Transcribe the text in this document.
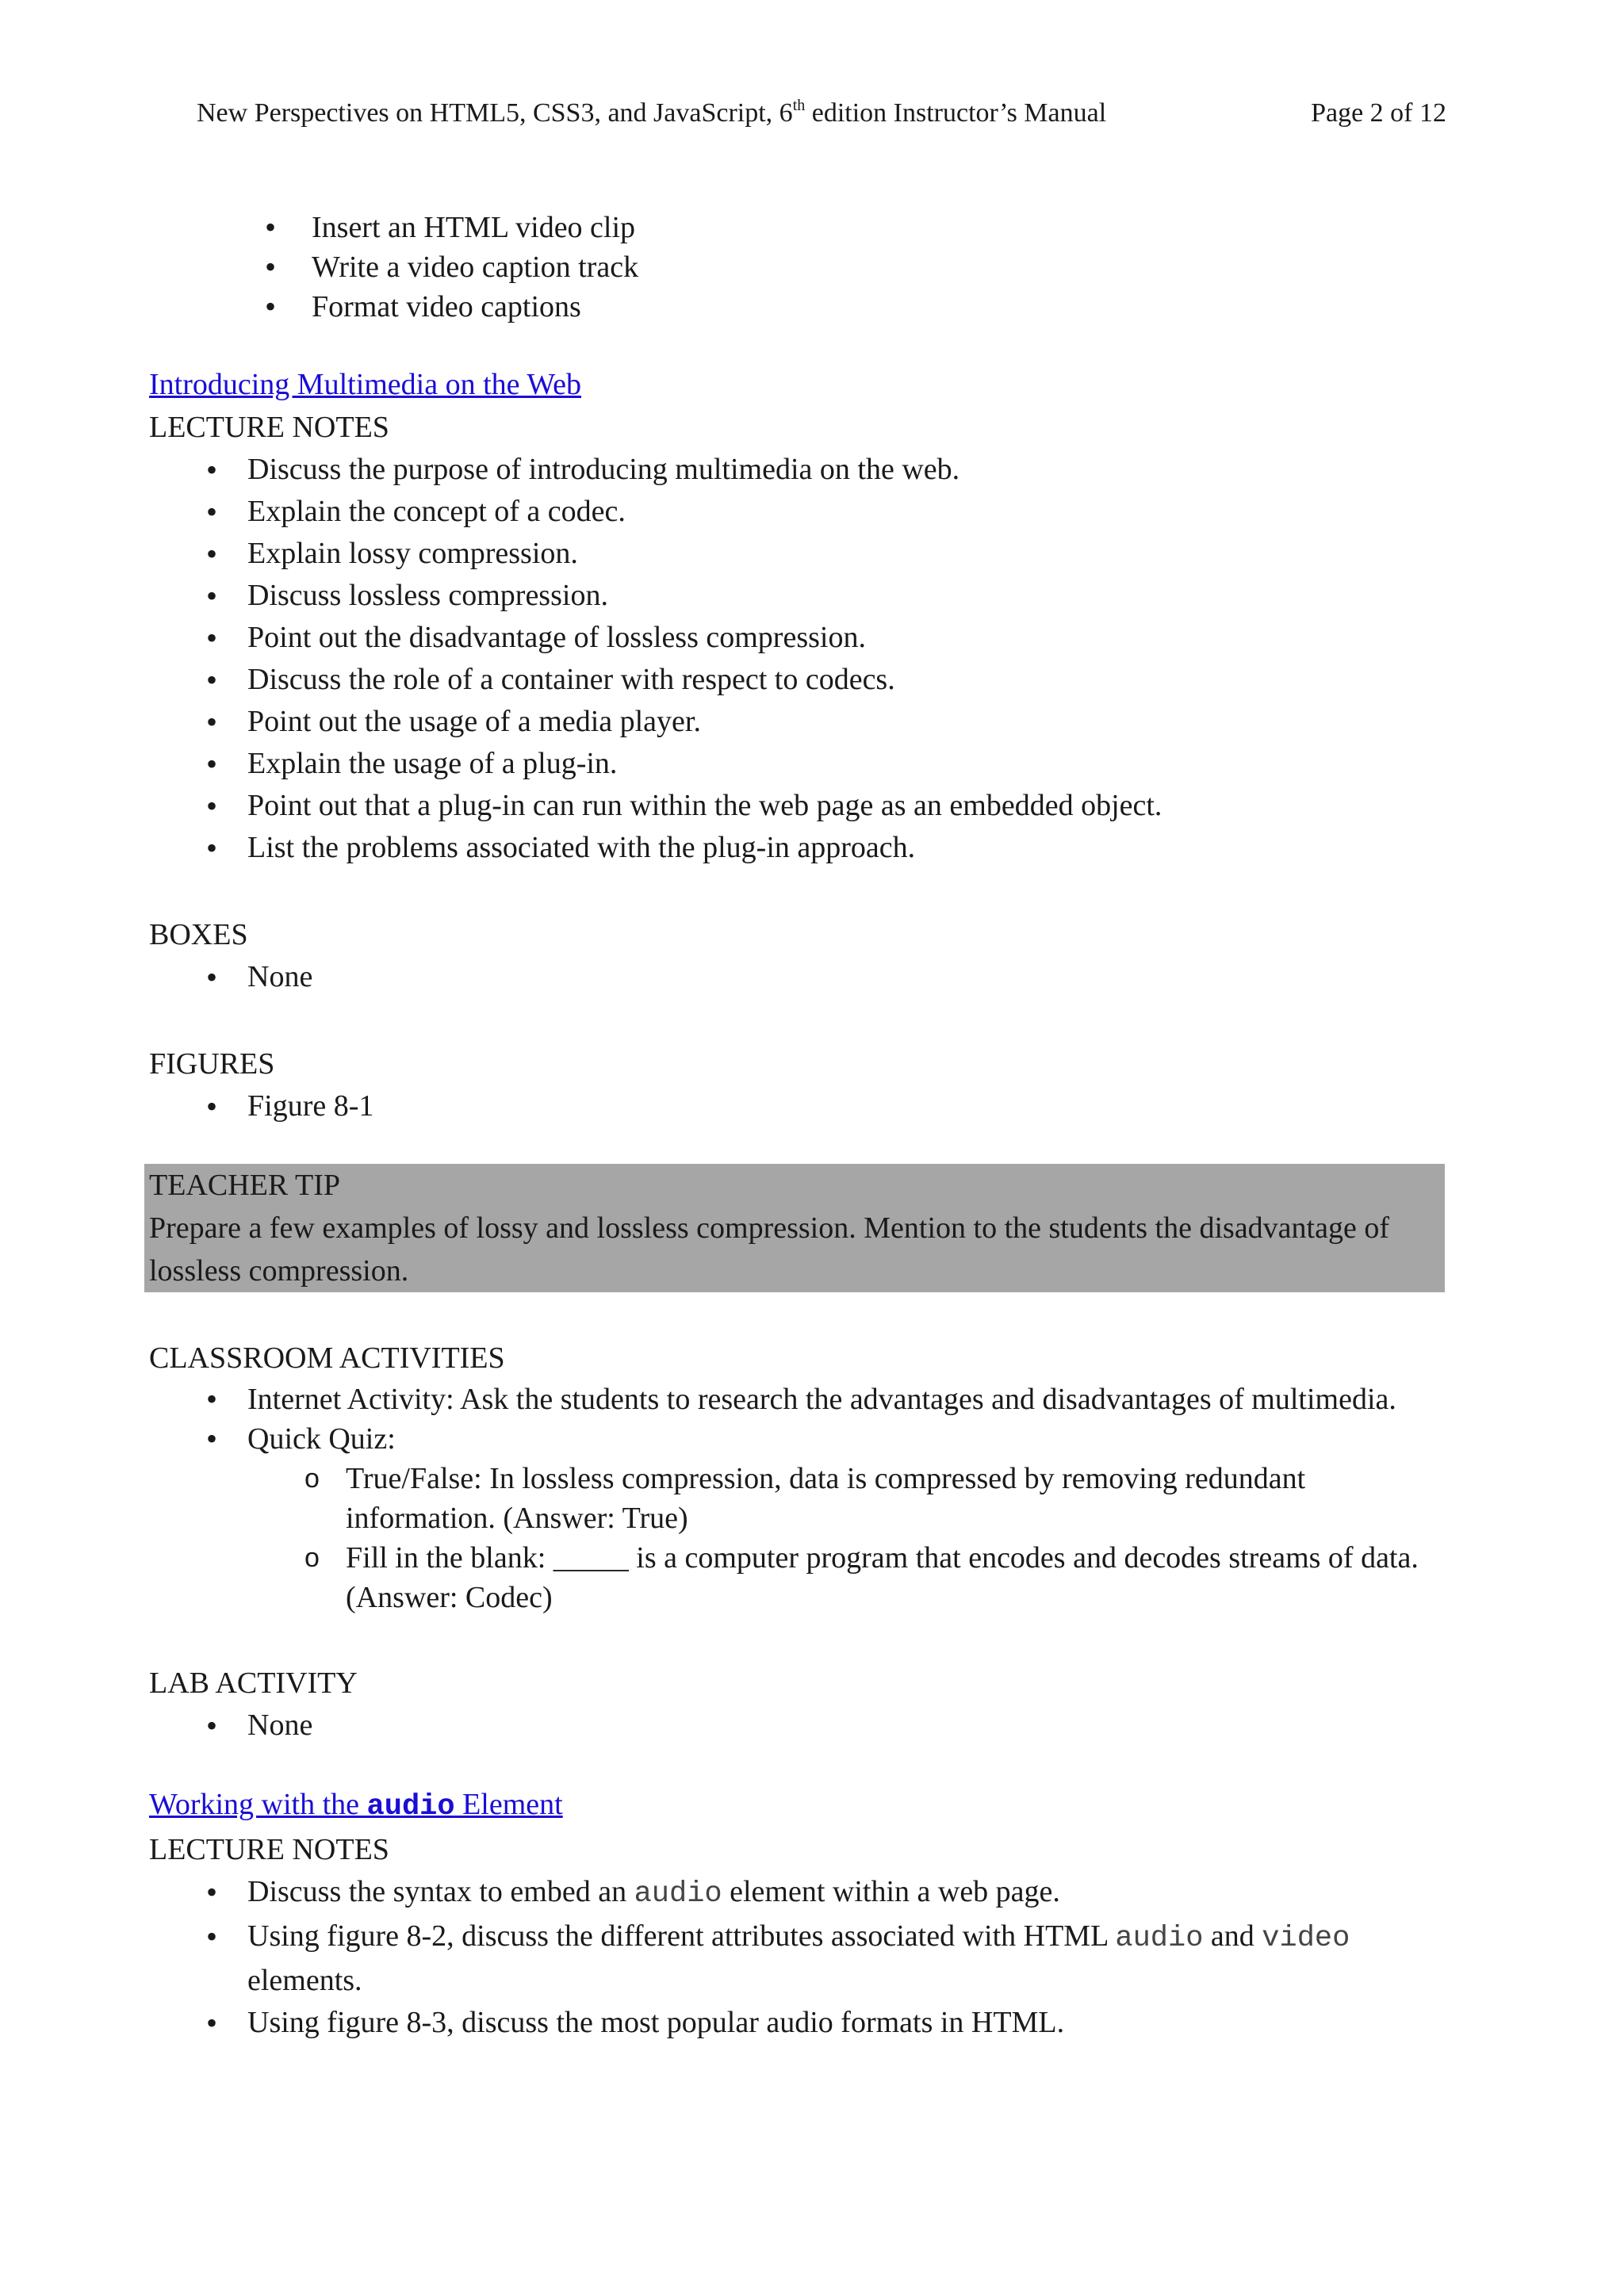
New Perspectives on HTML5, CSS3, and JavaScript, 6th edition Instructor’s Manual	Page 2 of 12
• Insert an HTML video clip
• Write a video caption track
• Format video captions
Introducing Multimedia on the Web
LECTURE NOTES
• Discuss the purpose of introducing multimedia on the web.
• Explain the concept of a codec.
• Explain lossy compression.
• Discuss lossless compression.
• Point out the disadvantage of lossless compression.
• Discuss the role of a container with respect to codecs.
• Point out the usage of a media player.
• Explain the usage of a plug-in.
• Point out that a plug-in can run within the web page as an embedded object.
• List the problems associated with the plug-in approach.
BOXES
• None
FIGURES
• Figure 8-1
TEACHER TIP
Prepare a few examples of lossy and lossless compression. Mention to the students the disadvantage of lossless compression.
CLASSROOM ACTIVITIES
• Internet Activity: Ask the students to research the advantages and disadvantages of multimedia.
• Quick Quiz:
o True/False: In lossless compression, data is compressed by removing redundant information. (Answer: True)
o Fill in the blank: _____ is a computer program that encodes and decodes streams of data. (Answer: Codec)
LAB ACTIVITY
• None
Working with the audio Element
LECTURE NOTES
• Discuss the syntax to embed an audio element within a web page.
• Using figure 8-2, discuss the different attributes associated with HTML audio and video elements.
• Using figure 8-3, discuss the most popular audio formats in HTML.
